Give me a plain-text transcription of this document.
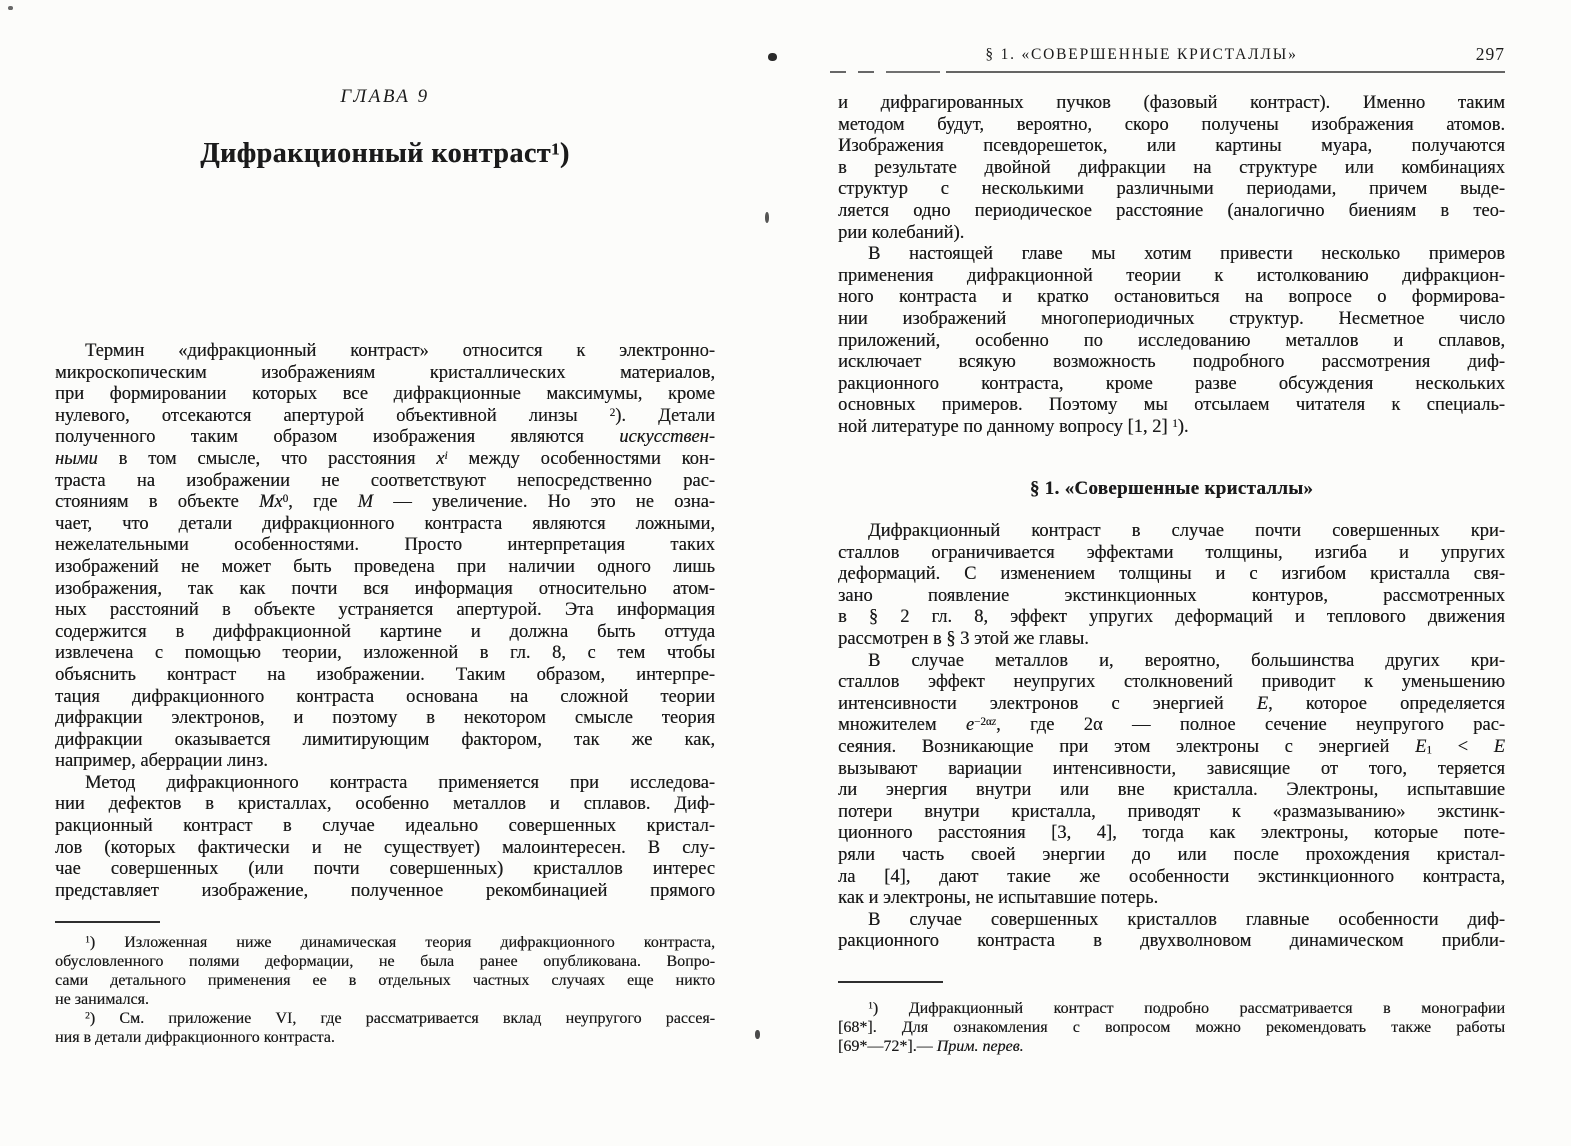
ГЛАВА 9
Дифракционный контраст$^1$)
Термин «дифракционный контраст» относится к электронно-
микроскопическим изображениям кристаллических материалов,
при формировании которых все дифракционные максимумы, кроме
нулевого, отсекаются апертурой объективной линзы $^2$). Детали
полученного таким образом изображения являются искусствен-
ными в том смысле, что расстояния $x^i$ между особенностями кон-
траста на изображении не соответствуют непосредственно рас-
стояниям в объекте Mx$^0$, где M — увеличение. Но это не озна-
чает, что детали дифракционного контраста являются ложными,
нежелательными особенностями. Просто интерпретация таких
изображений не может быть проведена при наличии одного лишь
изображения, так как почти вся информация относительно атом-
ных расстояний в объекте устраняется апертурой. Эта информация
содержится в диффракционной картине и должна быть оттуда
извлечена с помощью теории, изложенной в гл. 8, с тем чтобы
объяснить контраст на изображении. Таким образом, интерпре-
тация дифракционного контраста основана на сложной теории
дифракции электронов, и поэтому в некотором смысле теория
дифракции оказывается лимитирующим фактором, так же как,
например, аберрации линз.
Метод дифракционного контраста применяется при исследова-
нии дефектов в кристаллах, особенно металлов и сплавов. Диф-
ракционный контраст в случае идеально совершенных кристал-
лов (которых фактически и не существует) малоинтересен. В слу-
чае совершенных (или почти совершенных) кристаллов интерес
представляет изображение, полученное рекомбинацией прямого
$^1$) Изложенная ниже динамическая теория дифракционного контраста,
обусловленного полями деформации, не была ранее опубликована. Вопро-
сами детального применения ее в отдельных частных случаях еще никто
не занимался.
$^2$) См. приложение VI, где рассматривается вклад неупругого рассея-
ния в детали дифракционного контраста.
§ 1. «СОВЕРШЕННЫЕ КРИСТАЛЛЫ»	297
и дифрагированных пучков (фазовый контраст). Именно таким
методом будут, вероятно, скоро получены изображения атомов.
Изображения псевдорешеток, или картины муара, получаются
в результате двойной дифракции на структуре или комбинациях
структур с несколькими различными периодами, причем выде-
ляется одно периодическое расстояние (аналогично биениям в тео-
рии колебаний).
В настоящей главе мы хотим привести несколько примеров
применения дифракционной теории к истолкованию дифракцион-
ного контраста и кратко остановиться на вопросе о формирова-
нии изображений многопериодичных структур. Несметное число
приложений, особенно по исследованию металлов и сплавов,
исключает всякую возможность подробного рассмотрения диф-
ракционного контраста, кроме разве обсуждения нескольких
основных примеров. Поэтому мы отсылаем читателя к специаль-
ной литературе по данному вопросу [1, 2] $^1$).
§ 1. «Совершенные кристаллы»
Дифракционный контраст в случае почти совершенных кри-
сталлов ограничивается эффектами толщины, изгиба и упругих
деформаций. С изменением толщины и с изгибом кристалла свя-
зано появление экстинкционных контуров, рассмотренных
в § 2 гл. 8, эффект упругих деформаций и теплового движения
рассмотрен в § 3 этой же главы.
В случае металлов и, вероятно, большинства других кри-
сталлов эффект неупругих столкновений приводит к уменьшению
интенсивности электронов с энергией E, которое определяется
множителем $e^{-2\alpha z}$, где 2α — полное сечение неупругого рас-
сеяния. Возникающие при этом электроны с энергией $E_1 < E$
вызывают вариации интенсивности, зависящие от того, теряется
ли энергия внутри или вне кристалла. Электроны, испытавшие
потери внутри кристалла, приводят к «размазыванию» экстинк-
ционного расстояния [3, 4], тогда как электроны, которые поте-
ряли часть своей энергии до или после прохождения кристал-
ла [4], дают такие же особенности экстинкционного контраста,
как и электроны, не испытавшие потерь.
В случае совершенных кристаллов главные особенности диф-
ракционного контраста в двухволновом динамическом прибли-
$^1$) Дифракционный контраст подробно рассматривается в монографии
[68*]. Для ознакомления с вопросом можно рекомендовать также работы
[69*—72*].— Прим. перев.
